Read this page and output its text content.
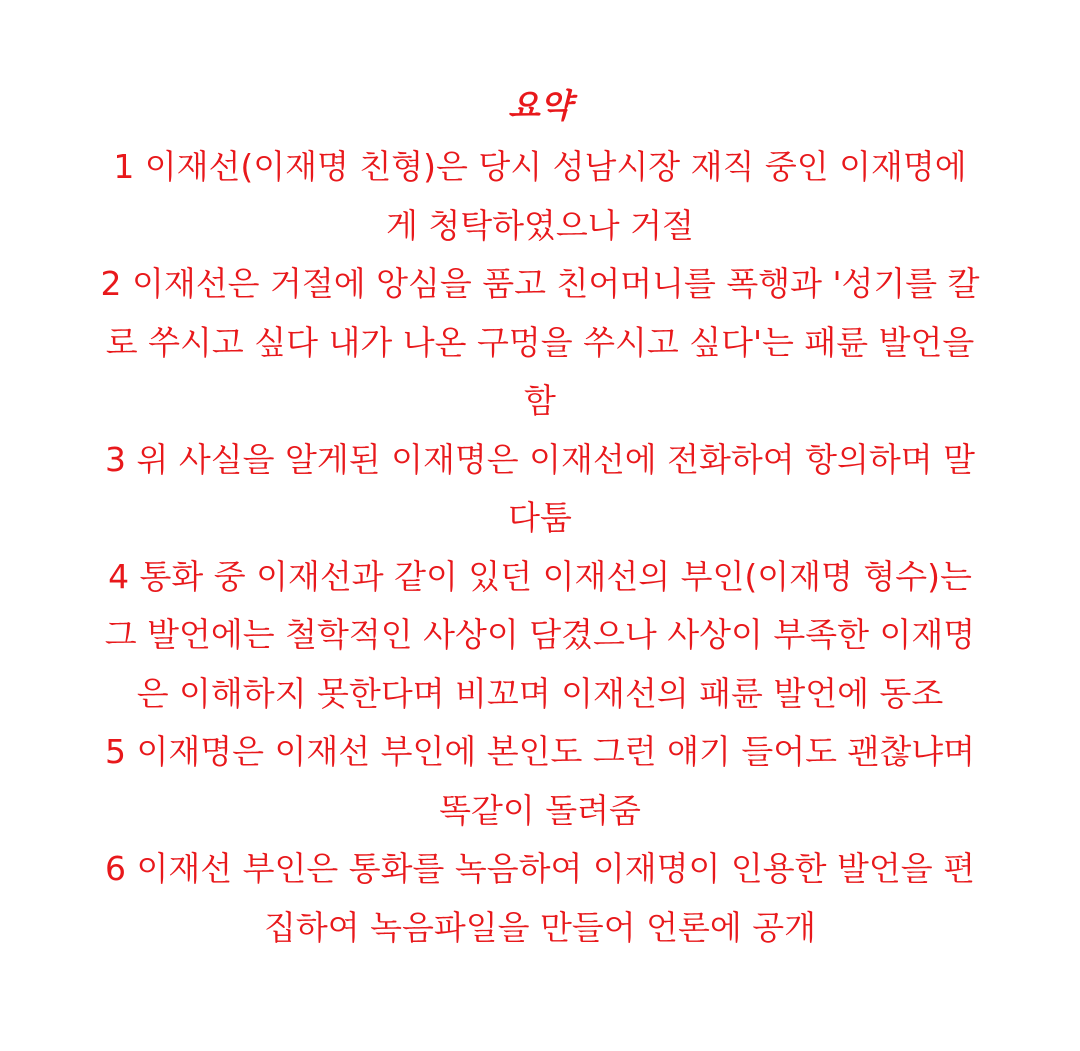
요약

1 이재선(이재명 친형)은 당시 성남시장 재직 중인 이재명에
게 청탁하였으나 거절

2 이재선은 거절에 앙심을 품고 친어머니를 폭행과 '성기를 칼
로 쑤시고 싶다 내가 나온 구멍을 쑤시고 싶다'는 패륜 발언을
함

3 위 사실을 알게된 이재명은 이재선에 전화하여 항의하며 말
다툼

4 통화 중 이재선과 같이 있던 이재선의 부인(이재명 형수)는
그 발언에는 철학적인 사상이 담겼으나 사상이 부족한 이재명
은 이해하지 못한다며 비꼬며 이재선의 패륜 발언에 동조

5 이재명은 이재선 부인에 본인도 그런 얘기 들어도 괜찮냐며
똑같이 돌려줌

6 이재선 부인은 통화를 녹음하여 이재명이 인용한 발언을 편
집하여 녹음파일을 만들어 언론에 공개
